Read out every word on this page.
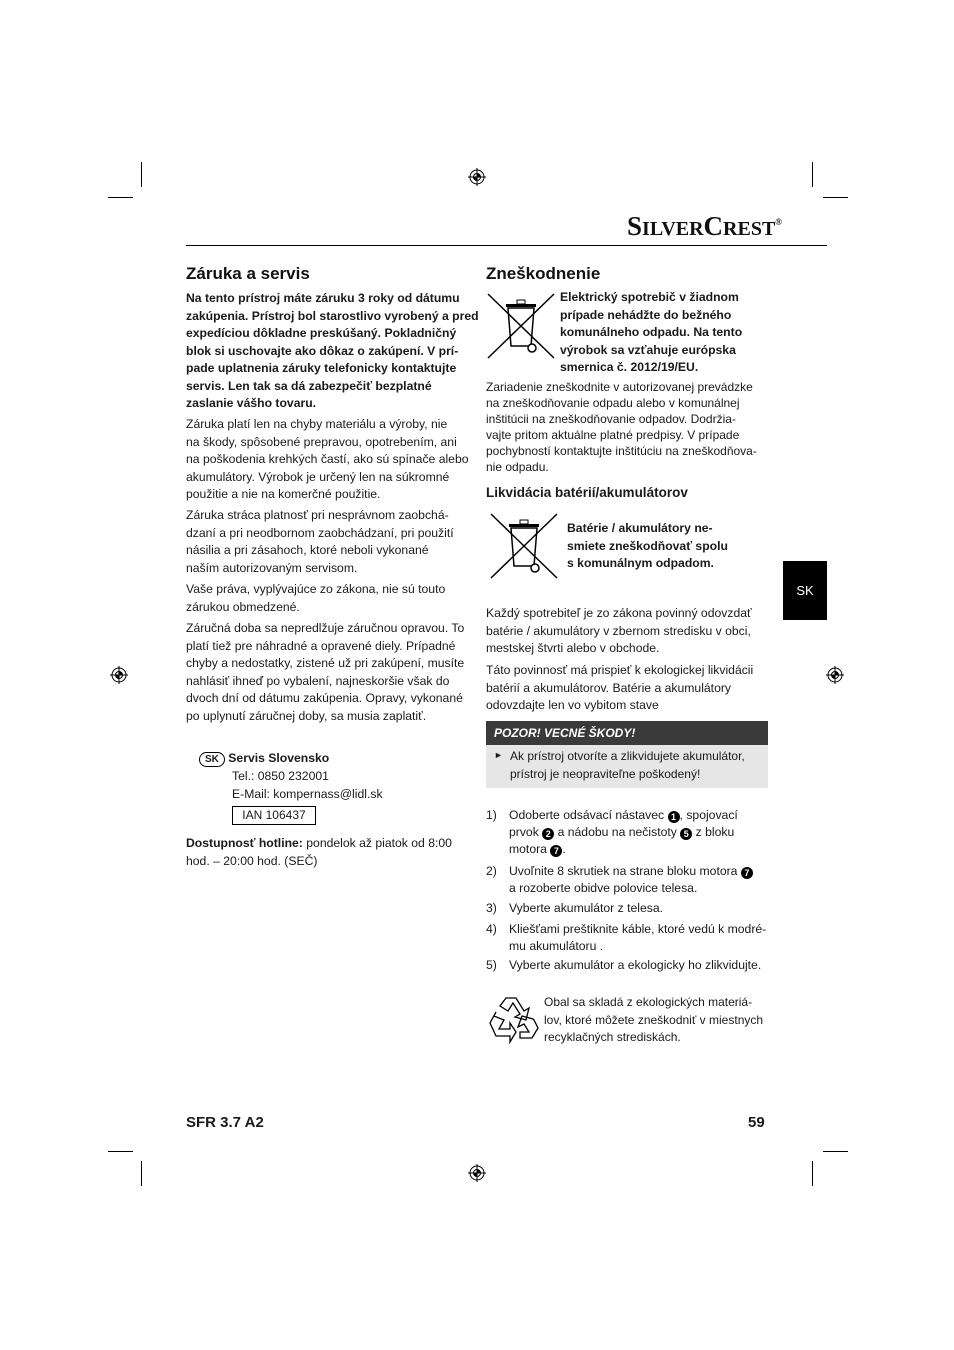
SILVERCREST®
Záruka a servis
Na tento prístroj máte záruku 3 roky od dátumu
zakúpenia. Prístroj bol starostlivo vyrobený a pred
expedíciou dôkladne preskúšaný. Pokladničný
blok si uschovajte ako dôkaz o zakúpení. V prí-
pade uplatnenia záruky telefonicky kontaktujte
servis. Len tak sa dá zabezpečiť bezplatné
zaslanie vášho tovaru.
Záruka platí len na chyby materiálu a výroby, nie
na škody, spôsobené prepravou, opotrebením, ani
na poškodenia krehkých častí, ako sú spínače alebo
akumulátory. Výrobok je určený len na súkromné
použitie a nie na komerčné použitie.
Záruka stráca platnosť pri nesprávnom zaobchá-
dzaní a pri neodbornom zaobchádzaní, pri použití
násilia a pri zásahoch, ktoré neboli vykonané
naším autorizovaným servisom.
Vaše práva, vyplývajúce zo zákona, nie sú touto
zárukou obmedzené.
Záručná doba sa nepredlžuje záručnou opravou. To
platí tiež pre náhradné a opravené diely. Prípadné
chyby a nedostatky, zistené už pri zakúpení, musíte
nahlásiť ihneď po vybalení, najneskoršie však do
dvoch dní od dátumu zakúpenia. Opravy, vykonané
po uplynutí záručnej doby, sa musia zaplatiť.
SK Servis Slovensko
Tel.: 0850 232001
E-Mail: kompernass@lidl.sk
IAN 106437
Dostupnosť hotline: pondelok až piatok od 8:00
hod. – 20:00 hod. (SEČ)
Zneškodnenie
Elektrický spotrebič v žiadnom
prípade nehádžte do bežného
komunálneho odpadu. Na tento
výrobok sa vzťahuje európska
smernica č. 2012/19/EU.
Zariadenie zneškodnite v autorizovanej prevádzke
na zneškodňovanie odpadu alebo v komunálnej
inštitúcii na zneškodňovanie odpadov. Dodržia-
vajte pritom aktuálne platné predpisy. V prípade
pochybností kontaktujte inštitúciu na zneškodňova-
nie odpadu.
Likvidácia batérií/akumulátorov
Batérie / akumulátory ne-
smiete zneškodňovať spolu
s komunálnym odpadom.
Každý spotrebiteľ je zo zákona povinný odovzdať
batérie / akumulátory v zbernom stredisku v obci,
mestskej štvrti alebo v obchode.
Táto povinnosť má prispieť k ekologickej likvidácii
batérií a akumulátorov. Batérie a akumulátory
odovzdajte len vo vybitom stave
POZOR! VECNÉ ŠKODY!
► Ak prístroj otvoríte a zlikvidujete akumulátor,
prístroj je neopraviteľne poškodený!
1) Odoberte odsávací nástavec 1 , spojovací
prvok 2 a nádobu na nečistoty 5 z bloku
motora 7 .
2) Uvoľnite 8 skrutiek na strane bloku motora 7
a rozoberte obidve polovice telesa.
3) Vyberte akumulátor z telesa.
4) Kliešťami preštiknite káble, ktoré vedú k modré-
mu akumulátoru .
5) Vyberte akumulátor a ekologicky ho zlikvidujte.
Obal sa skladá z ekologických materiá-
lov, ktoré môžete zneškodniť v miestnych
recyklačných strediskách.
SK
SFR 3.7 A2	59
